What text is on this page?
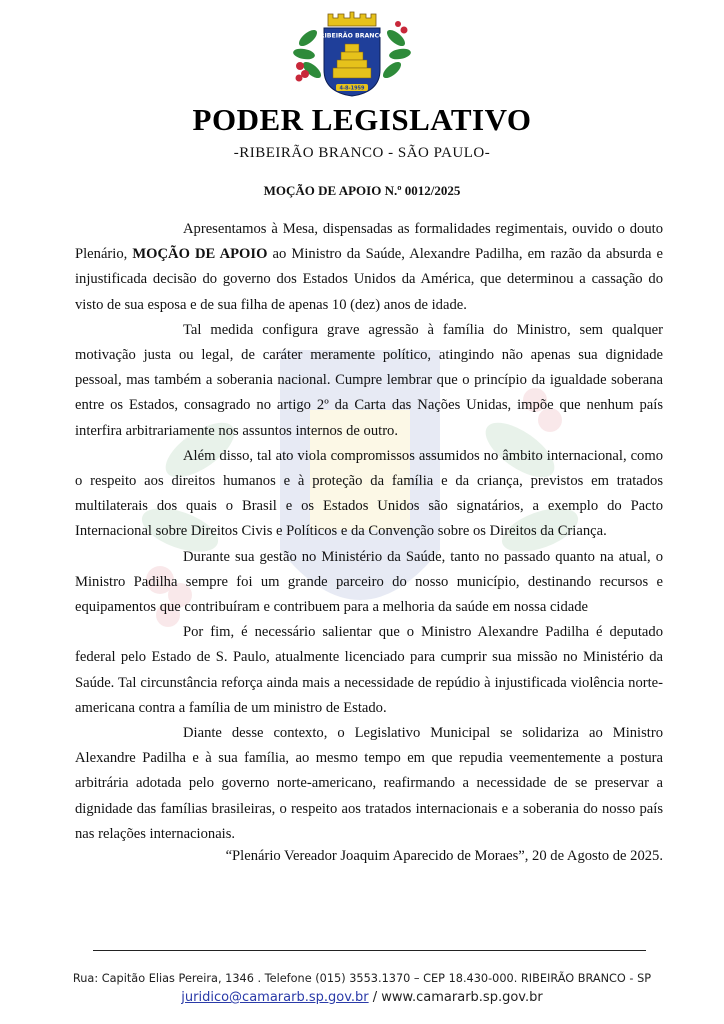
RIBEIRÃO BRANCO
4-8-1959
PODER LEGISLATIVO
-RIBEIRÃO BRANCO - SÃO PAULO-
MOÇÃO DE APOIO N.º 0012/2025

Apresentamos à Mesa, dispensadas as formalidades regimentais, ouvido o douto Plenário, MOÇÃO DE APOIO ao Ministro da Saúde, Alexandre Padilha, em razão da absurda e injustificada decisão do governo dos Estados Unidos da América, que determinou a cassação do visto de sua esposa e de sua filha de apenas 10 (dez) anos de idade.

Tal medida configura grave agressão à família do Ministro, sem qualquer motivação justa ou legal, de caráter meramente político, atingindo não apenas sua dignidade pessoal, mas também a soberania nacional. Cumpre lembrar que o princípio da igualdade soberana entre os Estados, consagrado no artigo 2º da Carta das Nações Unidas, impõe que nenhum país interfira arbitrariamente nos assuntos internos de outro.

Além disso, tal ato viola compromissos assumidos no âmbito internacional, como o respeito aos direitos humanos e à proteção da família e da criança, previstos em tratados multilaterais dos quais o Brasil e os Estados Unidos são signatários, a exemplo do Pacto Internacional sobre Direitos Civis e Políticos e da Convenção sobre os Direitos da Criança.

Durante sua gestão no Ministério da Saúde, tanto no passado quanto na atual, o Ministro Padilha sempre foi um grande parceiro do nosso município, destinando recursos e equipamentos que contribuíram e contribuem para a melhoria da saúde em nossa cidade

Por fim, é necessário salientar que o Ministro Alexandre Padilha é deputado federal pelo Estado de S. Paulo, atualmente licenciado para cumprir sua missão no Ministério da Saúde. Tal circunstância reforça ainda mais a necessidade de repúdio à injustificada violência norte-americana contra a família de um ministro de Estado.

Diante desse contexto, o Legislativo Municipal se solidariza ao Ministro Alexandre Padilha e à sua família, ao mesmo tempo em que repudia veementemente a postura arbitrária adotada pelo governo norte-americano, reafirmando a necessidade de se preservar a dignidade das famílias brasileiras, o respeito aos tratados internacionais e a soberania do nosso país nas relações internacionais.

“Plenário Vereador Joaquim Aparecido de Moraes”, 20 de Agosto de 2025.
Rua: Capitão Elias Pereira, 1346 . Telefone (015) 3553.1370 – CEP 18.430-000. RIBEIRÃO BRANCO - SP
juridico@camararb.sp.gov.br / www.camararb.sp.gov.br
